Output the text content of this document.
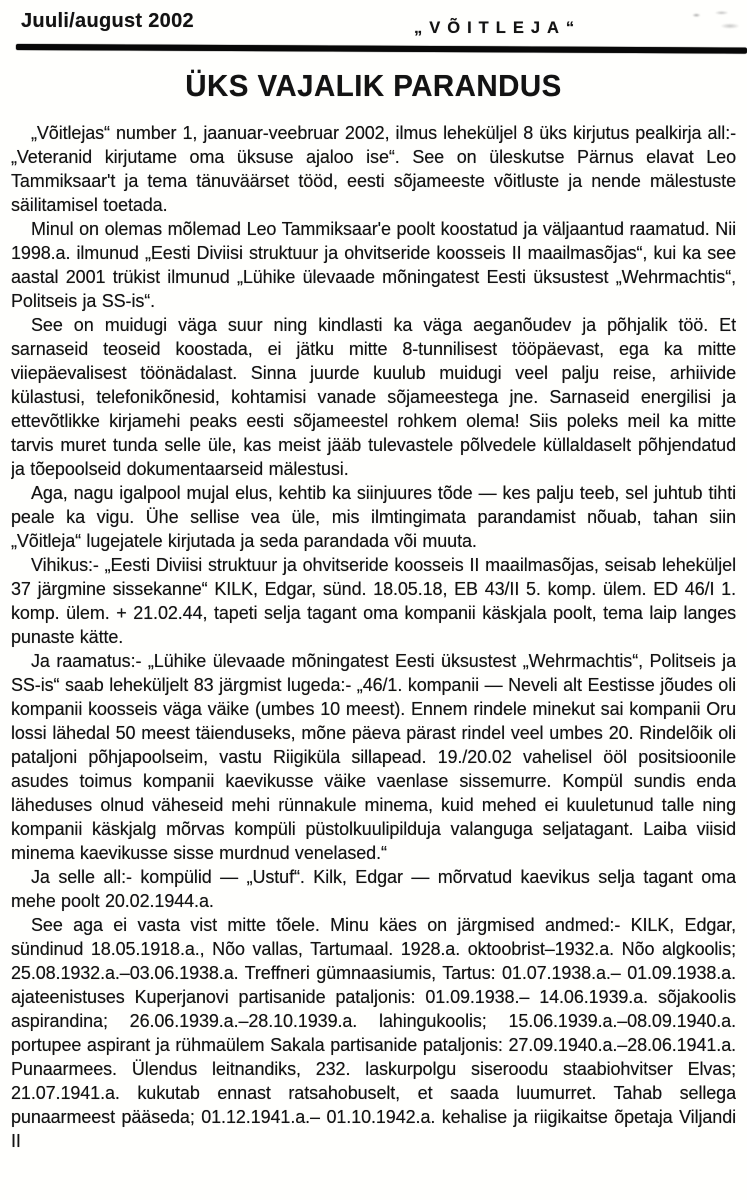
Juuli/august 2002	„VÕITLEJA“
ÜKS VAJALIK PARANDUS

„Võitlejas“ number 1, jaanuar-veebruar 2002, ilmus leheküljel 8 üks kirjutus pealkirja all:- „Veteranid kirjutame oma üksuse ajaloo ise“. See on üleskutse Pärnus elavat Leo Tammiksaar't ja tema tänuväärset tööd, eesti sõjameeste võitluste ja nende mälestuste säilitamisel toetada.

Minul on olemas mõlemad Leo Tammiksaar'e poolt koostatud ja väljaantud raamatud. Nii 1998.a. ilmunud „Eesti Diviisi struktuur ja ohvitseride koosseis II maailmasõjas“, kui ka see aastal 2001 trükist ilmunud „Lühike ülevaade mõningatest Eesti üksustest „Wehrmachtis“, Politseis ja SS-is“.

See on muidugi väga suur ning kindlasti ka väga aeganõudev ja põhjalik töö. Et sarnaseid teoseid koostada, ei jätku mitte 8-tunnilisest tööpäevast, ega ka mitte viiepäevalisest töönädalast. Sinna juurde kuulub muidugi veel palju reise, arhiivide külastusi, telefonikõnesid, kohtamisi vanade sõjameestega jne. Sarnaseid energilisi ja ettevõtlikke kirjamehi peaks eesti sõjameestel rohkem olema! Siis poleks meil ka mitte tarvis muret tunda selle üle, kas meist jääb tulevastele põlvedele küllaldaselt põhjendatud ja tõepoolseid dokumentaarseid mälestusi.

Aga, nagu igalpool mujal elus, kehtib ka siinjuures tõde — kes palju teeb, sel juhtub tihti peale ka vigu. Ühe sellise vea üle, mis ilmtingimata parandamist nõuab, tahan siin „Võitleja“ lugejatele kirjutada ja seda parandada või muuta.

Vihikus:- „Eesti Diviisi struktuur ja ohvitseride koosseis II maailmasõjas, seisab leheküljel 37 järgmine sissekanne“ KILK, Edgar, sünd. 18.05.18, EB 43/II 5. komp. ülem. ED 46/I 1. komp. ülem. + 21.02.44, tapeti selja tagant oma kompanii käskjala poolt, tema laip langes punaste kätte.

Ja raamatus:- „Lühike ülevaade mõningatest Eesti üksustest „Wehrmachtis“, Politseis ja SS-is“ saab leheküljelt 83 järgmist lugeda:- „46/1. kompanii — Neveli alt Eestisse jõudes oli kompanii koosseis väga väike (umbes 10 meest). Ennem rindele minekut sai kompanii Oru lossi lähedal 50 meest täienduseks, mõne päeva pärast rindel veel umbes 20. Rindelõik oli pataljoni põhjapoolseim, vastu Riigiküla sillapead. 19./20.02 vahelisel ööl positsioonile asudes toimus kompanii kaevikusse väike vaenlase sissemurre. Kompül sundis enda läheduses olnud väheseid mehi rünnakule minema, kuid mehed ei kuuletunud talle ning kompanii käskjalg mõrvas kompüli püstolkuulipilduja valanguga seljatagant. Laiba viisid minema kaevikusse sisse murdnud venelased.“

Ja selle all:- kompülid — „Ustuf“. Kilk, Edgar — mõrvatud kaevikus selja tagant oma mehe poolt 20.02.1944.a.

See aga ei vasta vist mitte tõele. Minu käes on järgmised andmed:- KILK, Edgar, sündinud 18.05.1918.a., Nõo vallas, Tartumaal. 1928.a. oktoobrist–1932.a. Nõo algkoolis; 25.08.1932.a.–03.06.1938.a. Treffneri gümnaasiumis, Tartus: 01.07.1938.a.– 01.09.1938.a. ajateenistuses Kuperjanovi partisanide pataljonis: 01.09.1938.– 14.06.1939.a. sõjakoolis aspirandina; 26.06.1939.a.–28.10.1939.a. lahingukoolis; 15.06.1939.a.–08.09.1940.a. portupee aspirant ja rühmaülem Sakala partisanide pataljonis: 27.09.1940.a.–28.06.1941.a. Punaarmees. Ülendus leitnandiks, 232. laskurpolgu siseroodu staabiohvitser Elvas; 21.07.1941.a. kukutab ennast ratsahobuselt, et saada luumurret. Tahab sellega punaarmeest pääseda; 01.12.1941.a.– 01.10.1942.a. kehalise ja riigikaitse õpetaja Viljandi II
